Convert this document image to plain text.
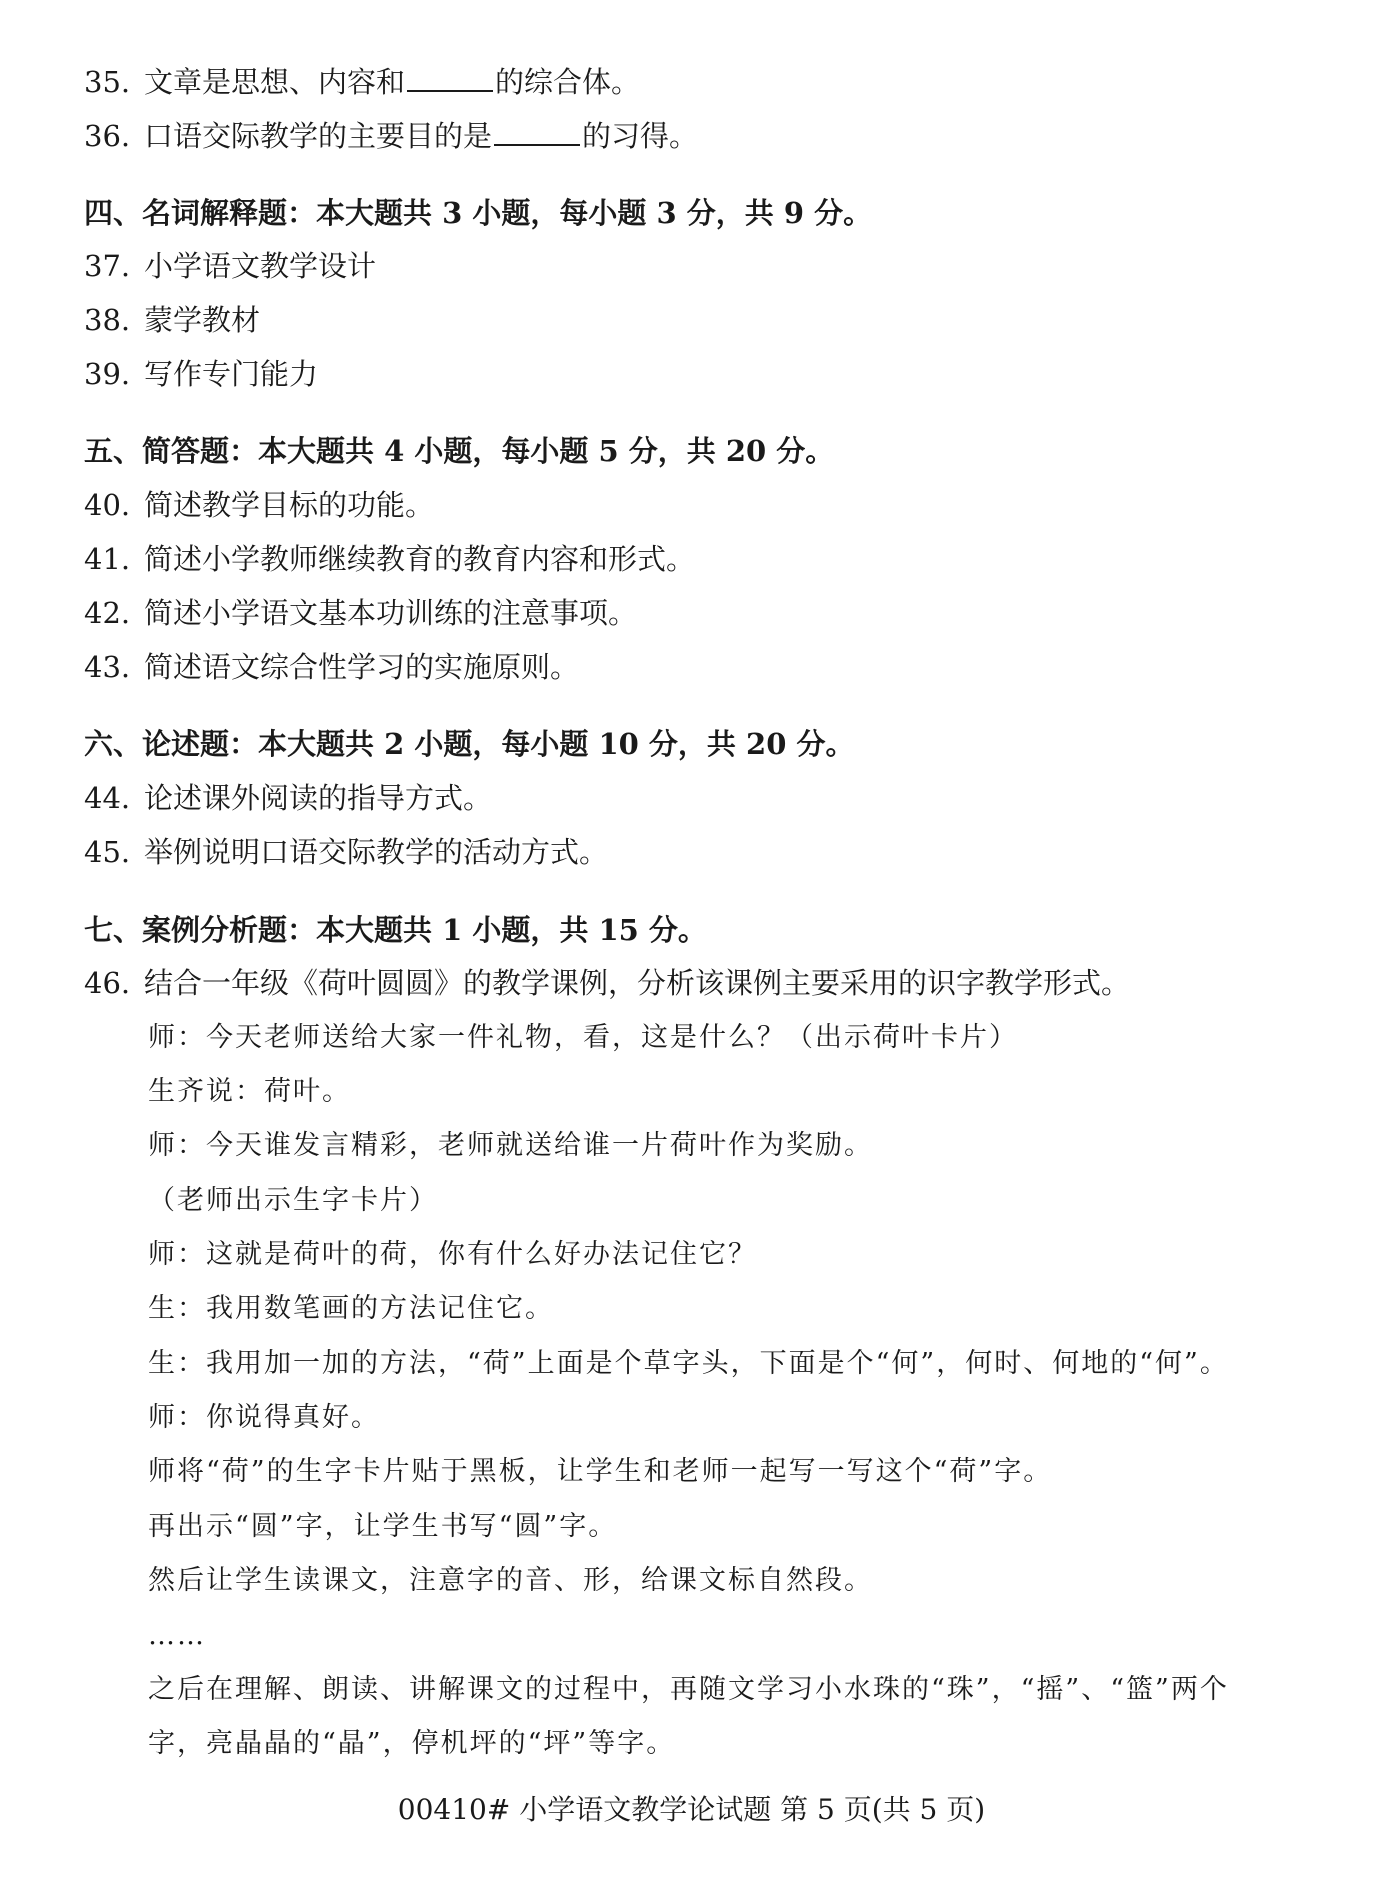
35. 文章是思想、内容和	的综合体。
36. 口语交际教学的主要目的是	的习得。
四、名词解释题：本大题共 3 小题，每小题 3 分，共 9 分。
37. 小学语文教学设计
38. 蒙学教材
39. 写作专门能力
五、简答题：本大题共 4 小题，每小题 5 分，共 20 分。
40. 简述教学目标的功能。
41. 简述小学教师继续教育的教育内容和形式。
42. 简述小学语文基本功训练的注意事项。
43. 简述语文综合性学习的实施原则。
六、论述题：本大题共 2 小题，每小题 10 分，共 20 分。
44. 论述课外阅读的指导方式。
45. 举例说明口语交际教学的活动方式。
七、案例分析题：本大题共 1 小题，共 15 分。
46. 结合一年级《荷叶圆圆》的教学课例，分析该课例主要采用的识字教学形式。
师：今天老师送给大家一件礼物，看，这是什么？（出示荷叶卡片）
生齐说：荷叶。
师：今天谁发言精彩，老师就送给谁一片荷叶作为奖励。
（老师出示生字卡片）
师：这就是荷叶的荷，你有什么好办法记住它？
生：我用数笔画的方法记住它。
生：我用加一加的方法，“荷”上面是个草字头，下面是个“何”，何时、何地的“何”。
师：你说得真好。
师将“荷”的生字卡片贴于黑板，让学生和老师一起写一写这个“荷”字。
再出示“圆”字，让学生书写“圆”字。
然后让学生读课文，注意字的音、形，给课文标自然段。
……
之后在理解、朗读、讲解课文的过程中，再随文学习小水珠的“珠”，“摇”、“篮”两个
字，亮晶晶的“晶”，停机坪的“坪”等字。
00410# 小学语文教学论试题 第 5 页(共 5 页)
